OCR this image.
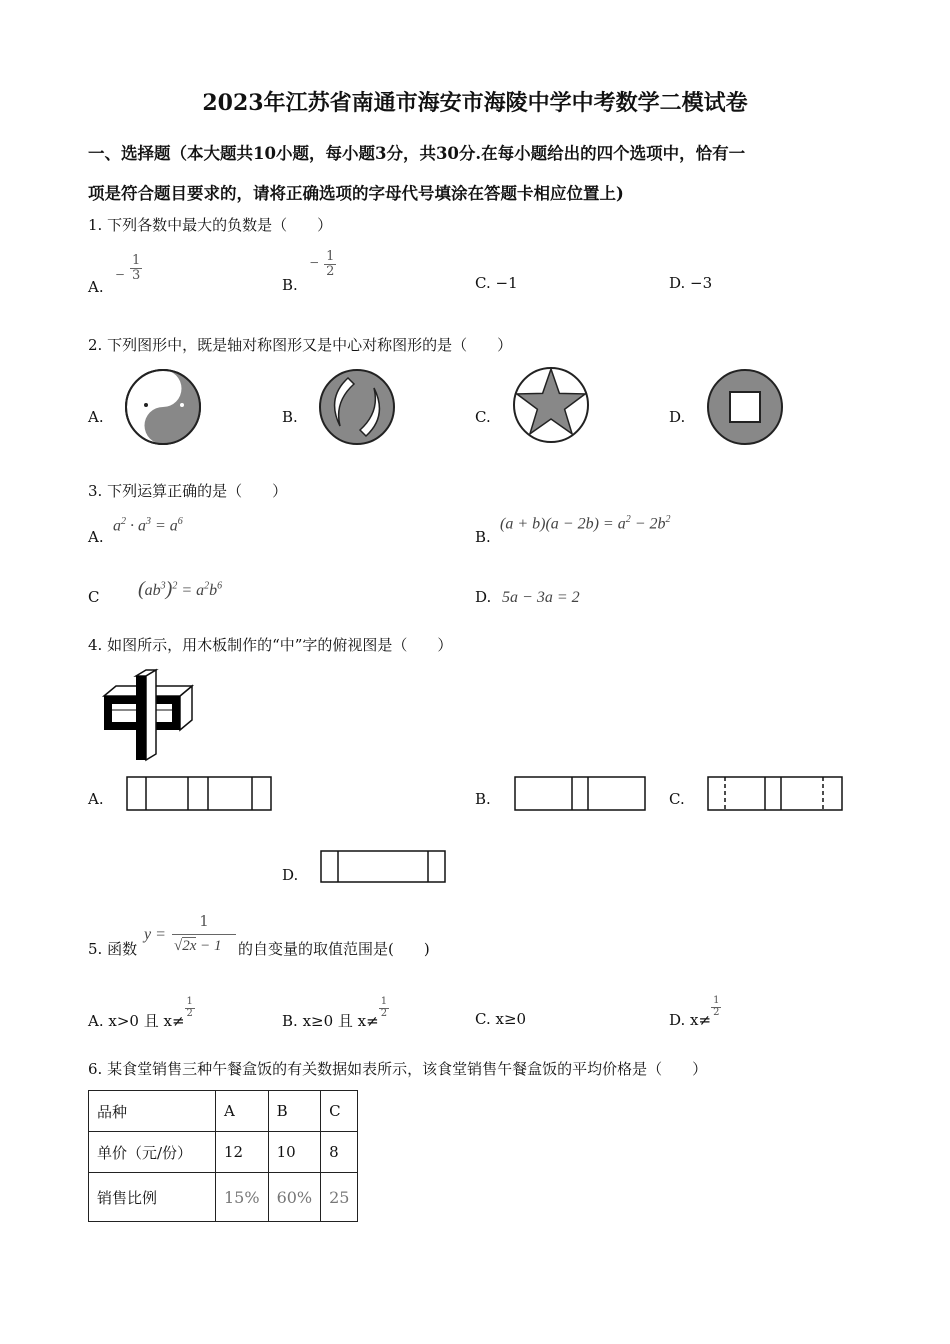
2023年江苏省南通市海安市海陵中学中考数学二模试卷
一、选择题（本大题共10小题，每小题3分，共30分.在每小题给出的四个选项中，恰有一
项是符合题目要求的，请将正确选项的字母代号填涂在答题卡相应位置上)
1. 下列各数中最大的负数是（　　）
A. − $\frac{1}{3}$
B. − $\frac{1}{2}$
C. −1	D. −3
2. 下列图形中，既是轴对称图形又是中心对称图形的是（　　）
A.	B.	C.	D.
3. 下列运算正确的是（　　）
A.
$a^2 \cdot a^3 = a^6$
B.
$(a + b)(a - 2b) = a^2 - 2b^2$
C $(ab^3)^2 = a^2b^6$
D. 5a − 3a = 2
4. 如图所示，用木板制作的“中”字的俯视图是（　　）
A.	B.	C.
D.
5. 函数
y =
1
√2x − 1 的自变量的取值范围是(　　)
A. x>0 且 x≠
$\frac{1}{2}$
B. x≥0 且 x≠
$\frac{1}{2}$	C. x≥0	D. x≠
$\frac{1}{2}$
6. 某食堂销售三种午餐盒饭的有关数据如表所示，该食堂销售午餐盒饭的平均价格是（　　）
品种	A	B	C
单价（元/份）	12	10	8
销售比例	15%	60%	25
